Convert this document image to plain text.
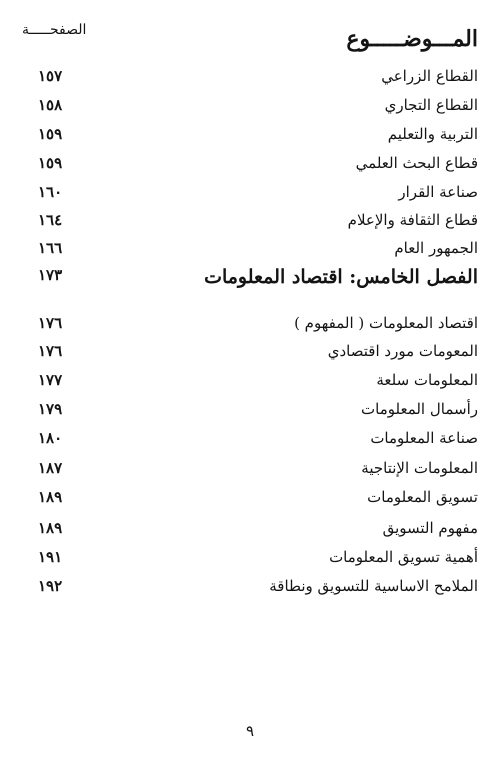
المـــوضـــــوع
الصفحـــــة
القطاع الزراعي
١٥٧
القطاع التجاري
١٥٨
التربية والتعليم
١٥٩
قطاع البحث العلمي
١٥٩
صناعة القرار
١٦٠
قطاع الثقافة والإعلام
١٦٤
الجمهور العام
١٦٦
الفصل الخامس: اقتصاد المعلومات
١٧٣
اقتصاد المعلومات ( المفهوم )
١٧٦
المعومات مورد اقتصادي
١٧٦
المعلومات سلعة
١٧٧
رأسمال المعلومات
١٧٩
صناعة المعلومات
١٨٠
المعلومات الإنتاجية
١٨٧
تسويق المعلومات
١٨٩
مفهوم التسويق
١٨٩
أهمية تسويق المعلومات
١٩١
الملامح الاساسية للتسويق ونطاقة
١٩٢
٩
